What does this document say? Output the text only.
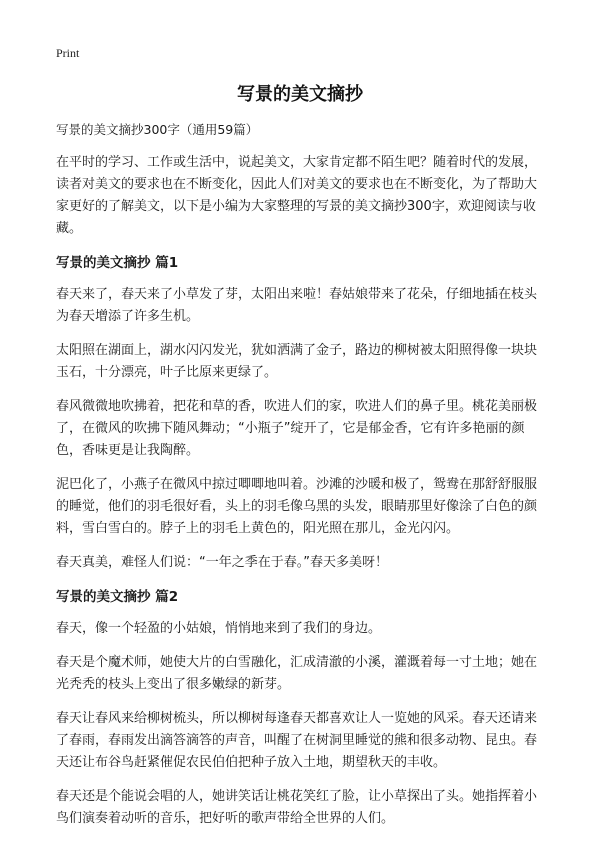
Print
写景的美文摘抄

写景的美文摘抄300字（通用59篇）

在平时的学习、工作或生活中，说起美文，大家肯定都不陌生吧？随着时代的发展，读者对美文的要求也在不断变化，因此人们对美文的要求也在不断变化，为了帮助大家更好的了解美文，以下是小编为大家整理的写景的美文摘抄300字，欢迎阅读与收藏。

写景的美文摘抄 篇1

春天来了，春天来了小草发了芽，太阳出来啦！春姑娘带来了花朵，仔细地插在枝头为春天增添了许多生机。

太阳照在湖面上，湖水闪闪发光，犹如洒满了金子，路边的柳树被太阳照得像一块块玉石，十分漂亮，叶子比原来更绿了。

春风微微地吹拂着，把花和草的香，吹进人们的家，吹进人们的鼻子里。桃花美丽极了，在微风的吹拂下随风舞动；“小瓶子”绽开了，它是郁金香，它有许多艳丽的颜色，香味更是让我陶醉。

泥巴化了，小燕子在微风中掠过唧唧地叫着。沙滩的沙暖和极了，鸳鸯在那舒舒服服的睡觉，他们的羽毛很好看，头上的羽毛像乌黑的头发，眼睛那里好像涂了白色的颜料，雪白雪白的。脖子上的羽毛上黄色的，阳光照在那儿，金光闪闪。

春天真美，难怪人们说：“一年之季在于春。”春天多美呀！

写景的美文摘抄 篇2

春天，像一个轻盈的小姑娘，悄悄地来到了我们的身边。

春天是个魔术师，她使大片的白雪融化，汇成清澈的小溪，灌溉着每一寸土地；她在光秃秃的枝头上变出了很多嫩绿的新芽。

春天让春风来给柳树梳头，所以柳树每逢春天都喜欢让人一览她的风采。春天还请来了春雨，春雨发出滴答滴答的声音，叫醒了在树洞里睡觉的熊和很多动物、昆虫。春天还让布谷鸟赶紧催促农民伯伯把种子放入土地，期望秋天的丰收。

春天还是个能说会唱的人，她讲笑话让桃花笑红了脸，让小草探出了头。她指挥着小鸟们演奏着动听的音乐，把好听的歌声带给全世界的人们。
